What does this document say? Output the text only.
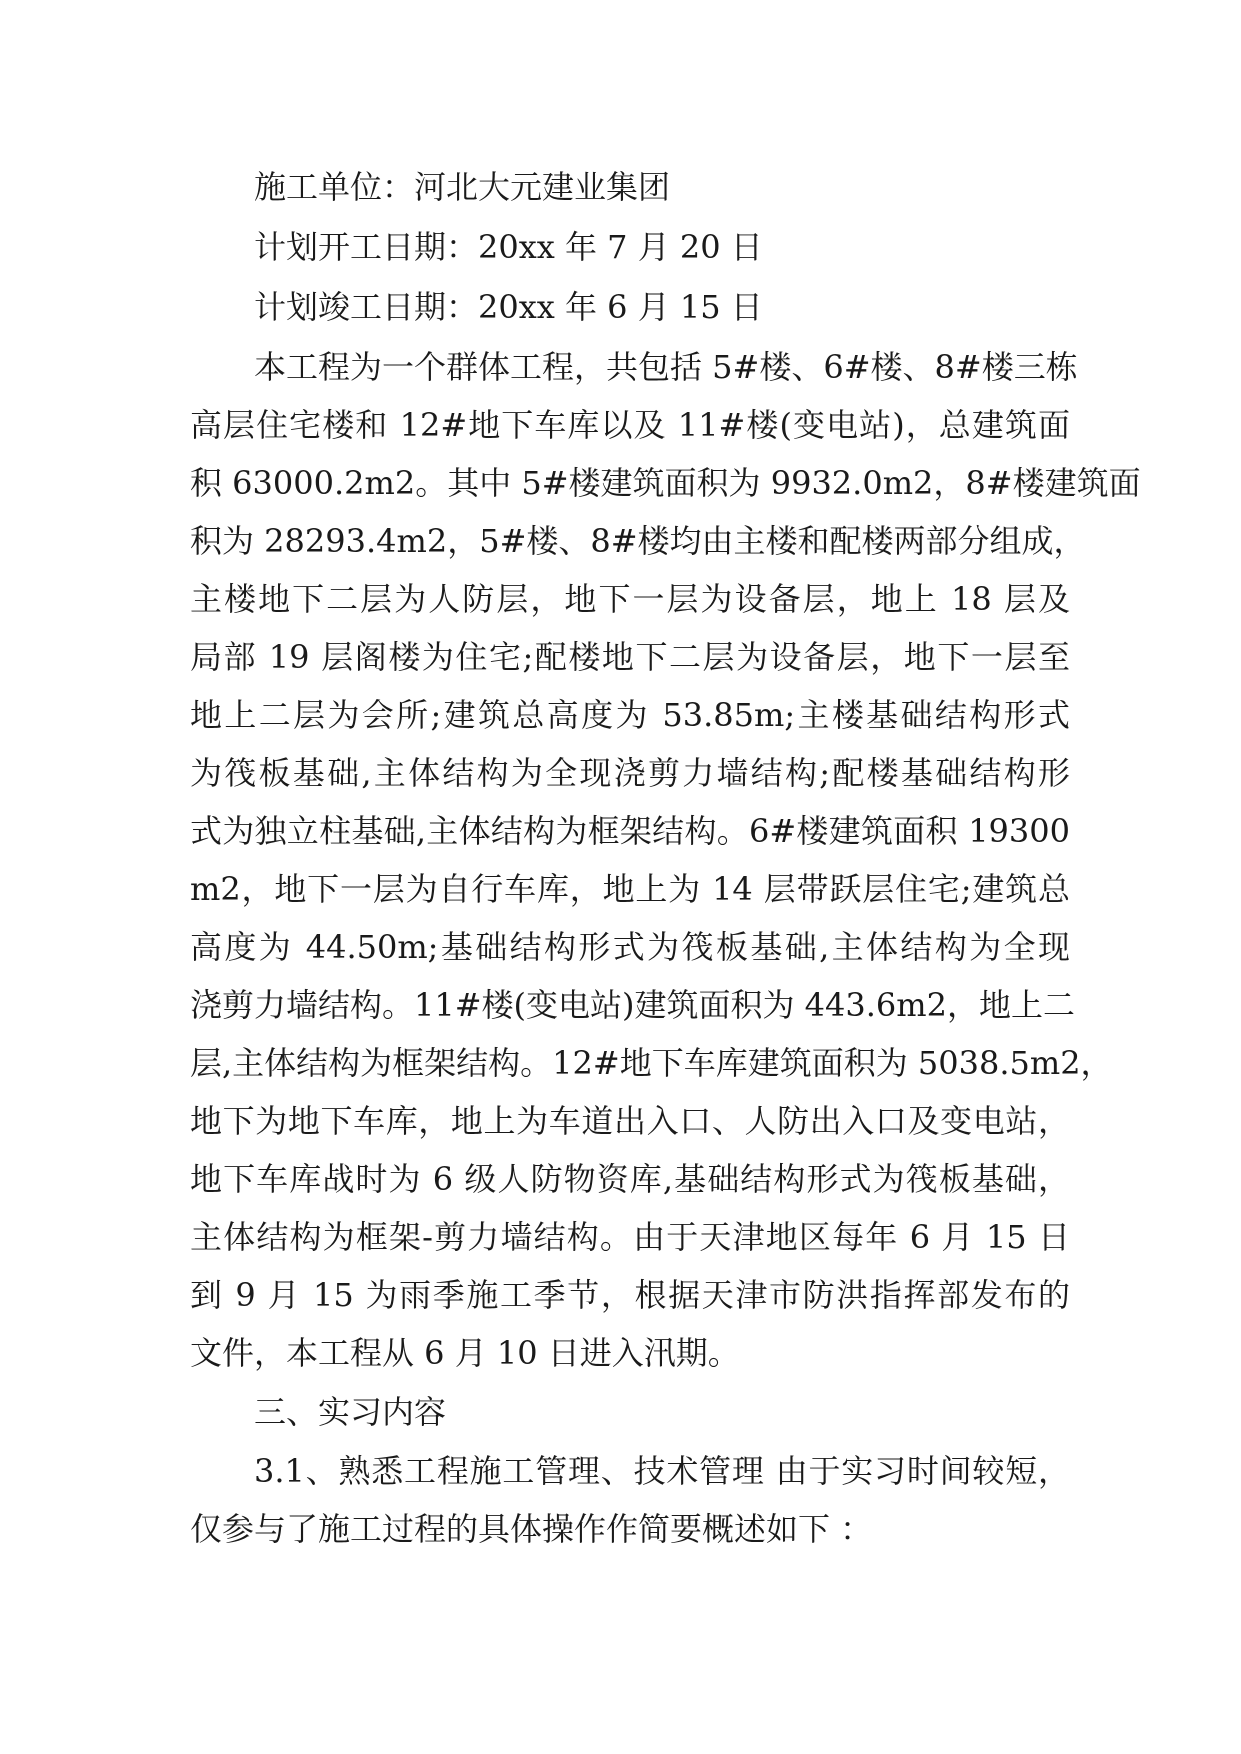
施工单位：河北大元建业集团
计划开工日期：20xx 年 7 月 20 日
计划竣工日期：20xx 年 6 月 15 日
本工程为一个群体工程，共包括 5#楼、6#楼、8#楼三栋
高层住宅楼和 12#地下车库以及 11#楼(变电站)，总建筑面
积 63000.2m2。其中 5#楼建筑面积为 9932.0m2，8#楼建筑面
积为 28293.4m2，5#楼、8#楼均由主楼和配楼两部分组成，
主楼地下二层为人防层，地下一层为设备层，地上 18 层及
局部 19 层阁楼为住宅;配楼地下二层为设备层，地下一层至
地上二层为会所;建筑总高度为 53.85m;主楼基础结构形式
为筏板基础,主体结构为全现浇剪力墙结构;配楼基础结构形
式为独立柱基础,主体结构为框架结构。6#楼建筑面积 19300
m2，地下一层为自行车库，地上为 14 层带跃层住宅;建筑总
高度为 44.50m;基础结构形式为筏板基础,主体结构为全现
浇剪力墙结构。11#楼(变电站)建筑面积为 443.6m2，地上二
层,主体结构为框架结构。12#地下车库建筑面积为 5038.5m2，
地下为地下车库，地上为车道出入口、人防出入口及变电站，
地下车库战时为 6 级人防物资库,基础结构形式为筏板基础，
主体结构为框架-剪力墙结构。由于天津地区每年 6 月 15 日
到 9 月 15 为雨季施工季节，根据天津市防洪指挥部发布的
文件，本工程从 6 月 10 日进入汛期。
三、实习内容
3.1、熟悉工程施工管理、技术管理 由于实习时间较短，
仅参与了施工过程的具体操作作简要概述如下 ：
